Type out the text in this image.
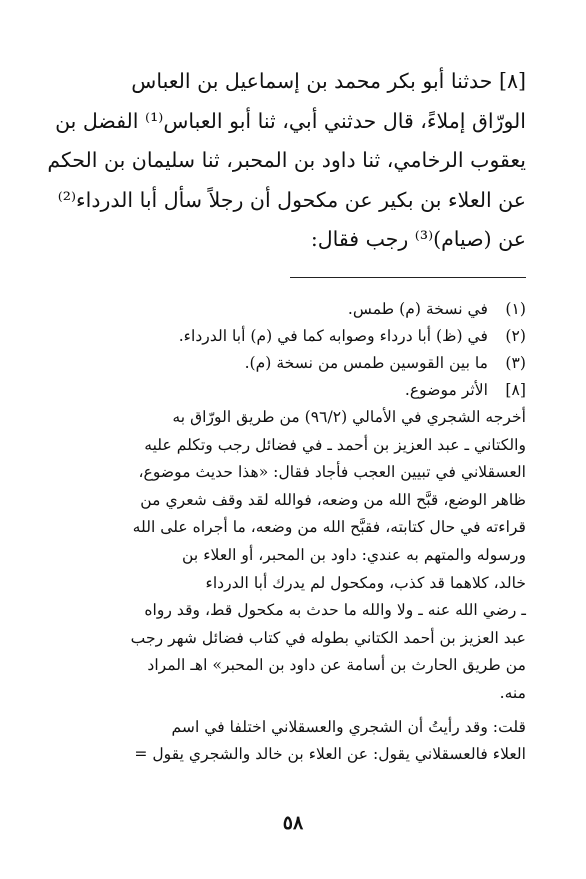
[٨] حدثنا أبو بكر محمد بن إسماعيل بن العباس
الورّاق إملاءً، قال حدثني أبي، ثنا أبو العباس⁽¹⁾ الفضل بن
يعقوب الرخامي، ثنا داود بن المحبر، ثنا سليمان بن الحكم
عن العلاء بن بكير عن مكحول أن رجلاً سأل أبا الدرداء⁽²⁾
عن (صيام)⁽³⁾ رجب فقال:
(١)
في نسخة (م) طمس.
(٢)
في (ظ) أبا درداء وصوابه كما في (م) أبا الدرداء.
(٣)
ما بين القوسين طمس من نسخة (م).
[٨]
الأثر موضوع.
أخرجه الشجري في الأمالي (٩٦/٢) من طريق الورّاق به
والكتاني ـ عبد العزيز بن أحمد ـ في فضائل رجب وتكلم عليه
العسقلاني في تبيين العجب فأجاد فقال: «هذا حديث موضوع،
ظاهر الوضع، قبَّح الله من وضعه، فوالله لقد وقف شعري من
قراءته في حال كتابته، فقبَّح الله من وضعه، ما أجراه على الله
ورسوله والمتهم به عندي: داود بن المحبر، أو العلاء بن
خالد، كلاهما قد كذب، ومكحول لم يدرك أبا الدرداء
ـ رضي الله عنه ـ ولا والله ما حدث به مكحول قط، وقد رواه
عبد العزيز بن أحمد الكتاني بطوله في كتاب فضائل شهر رجب
من طريق الحارث بن أسامة عن داود بن المحبر» اهـ المراد
منه.
قلت: وقد رأيتُ أن الشجري والعسقلاني اختلفا في اسم
العلاء فالعسقلاني يقول: عن العلاء بن خالد والشجري يقول =
٥٨
